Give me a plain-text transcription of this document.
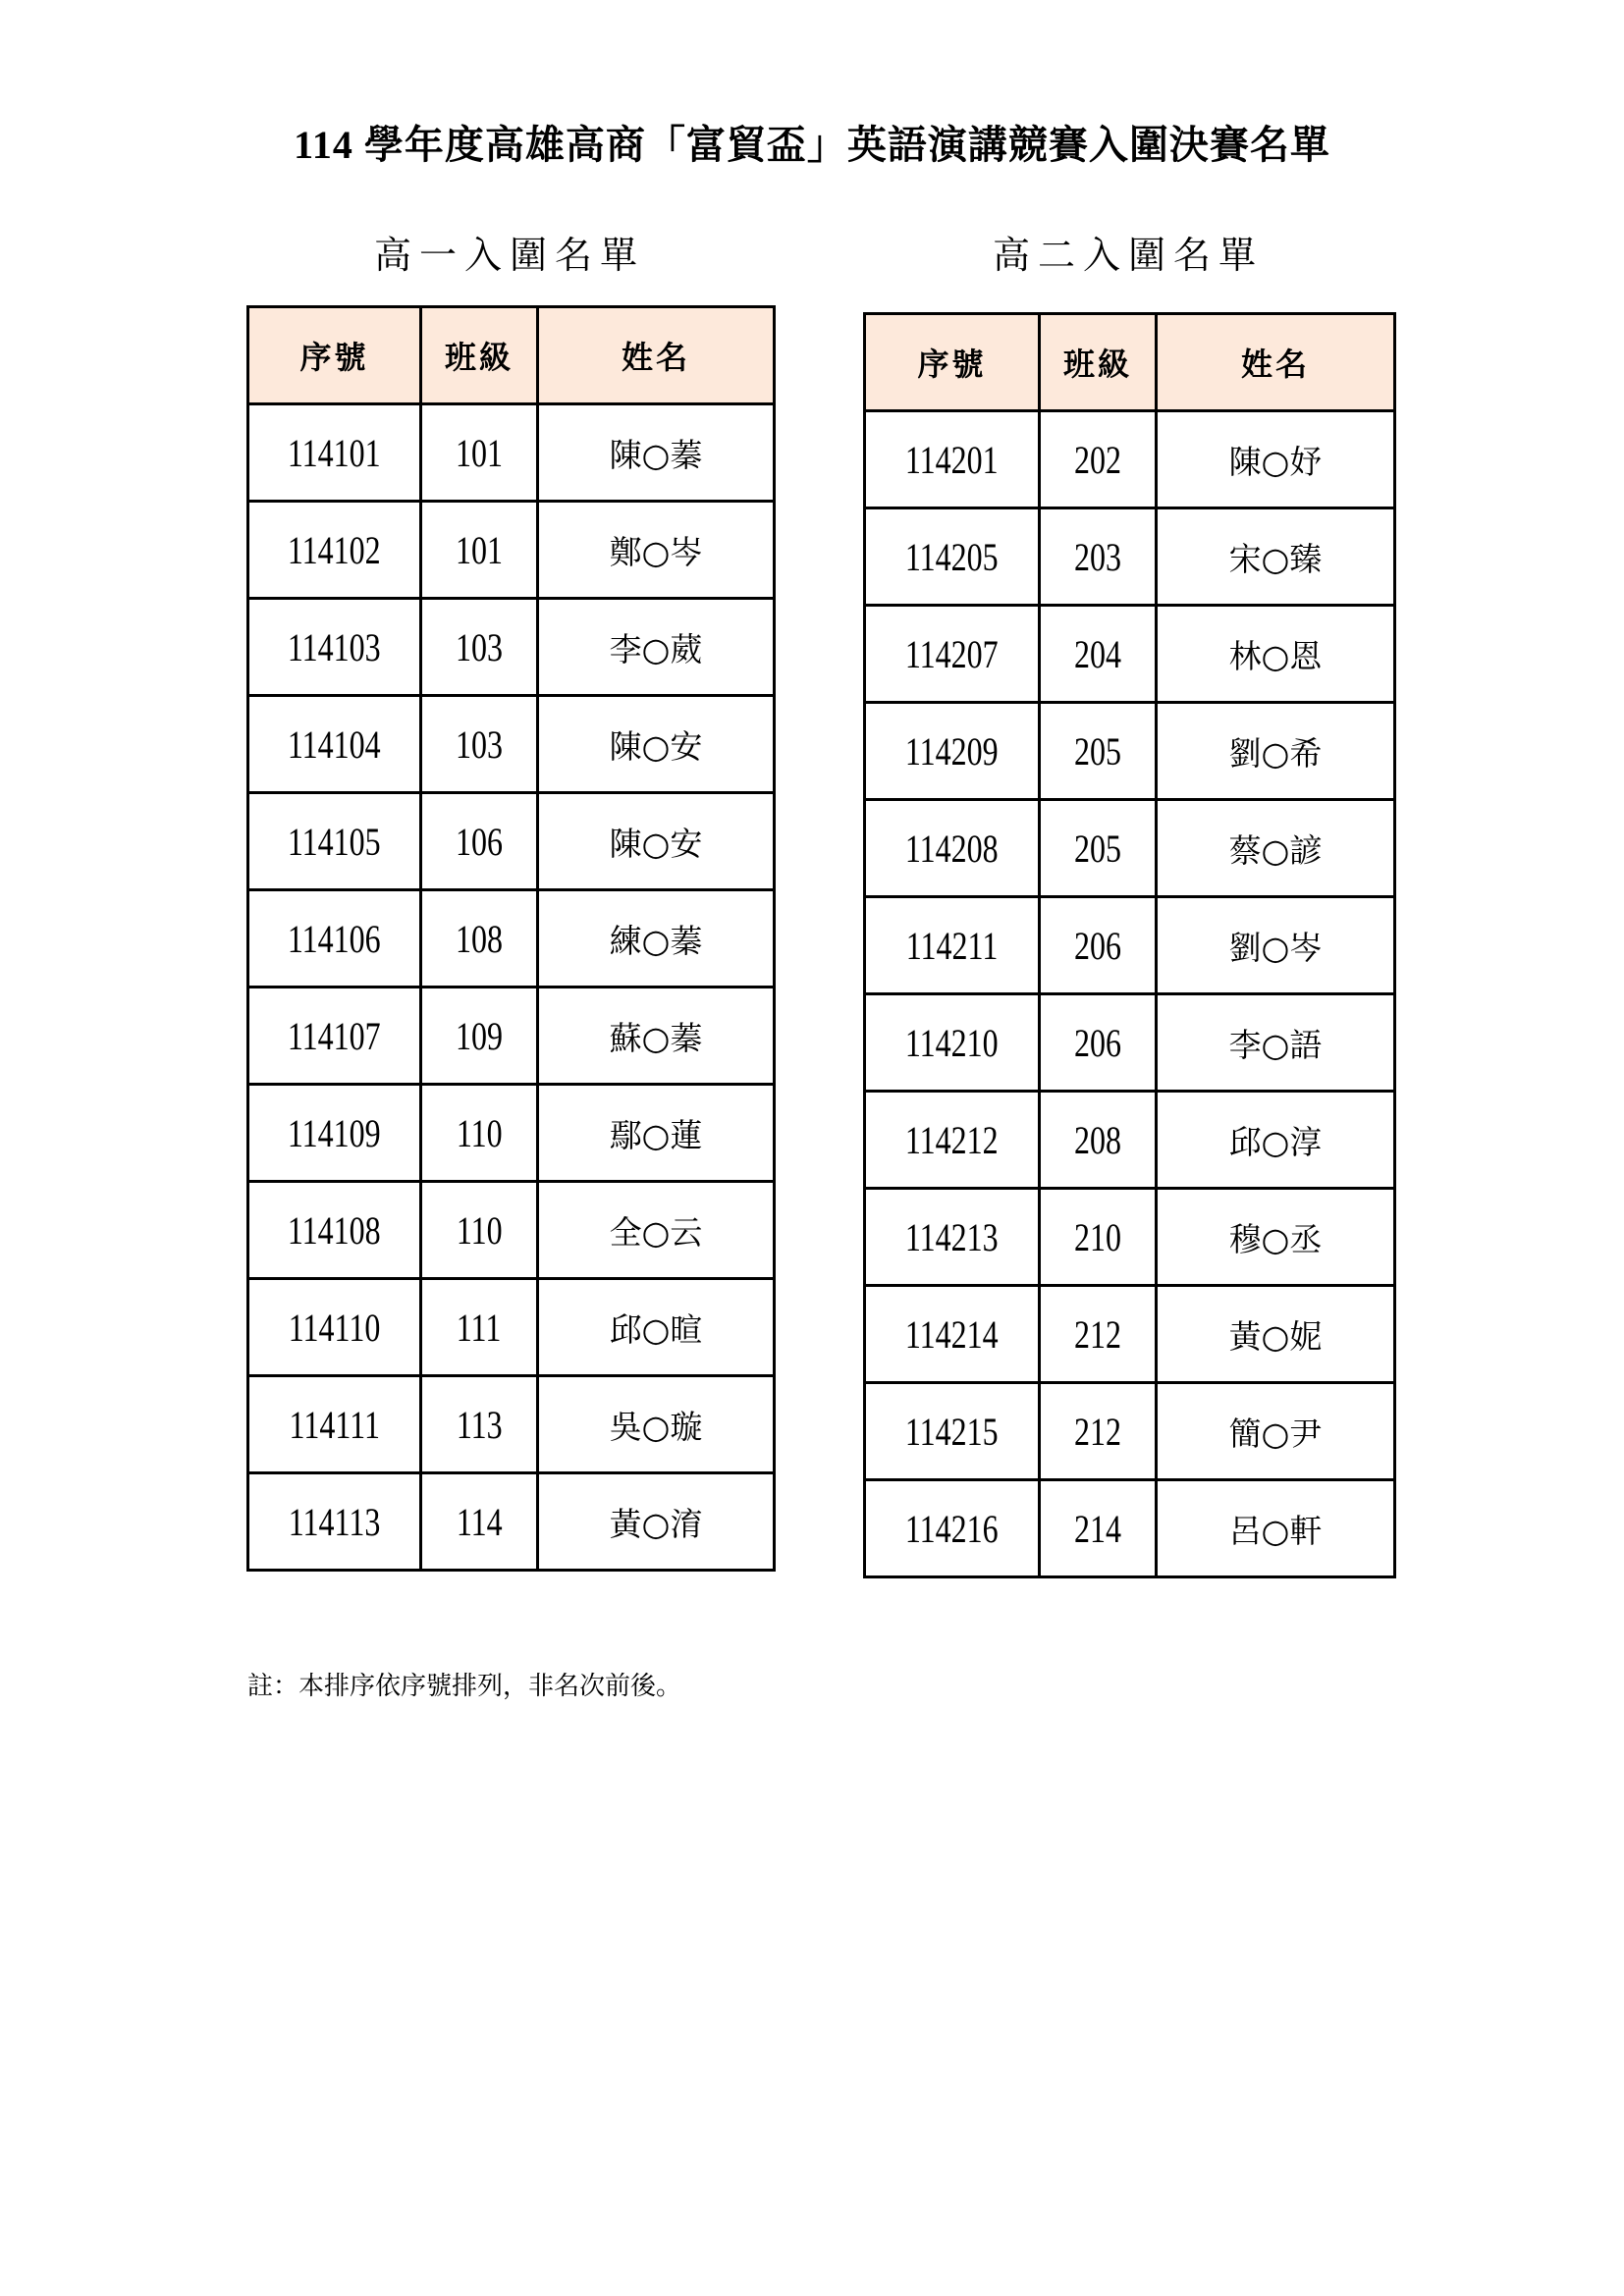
114 學年度高雄高商「富貿盃」英語演講競賽入圍決賽名單
高一入圍名單	高二入圍名單
序號	班級	姓名
114101	101	陳○蓁
114102	101	鄭○岑
114103	103	李○葳
114104	103	陳○安
114105	106	陳○安
114106	108	練○蓁
114107	109	蘇○蓁
114109	110	鄢○蓮
114108	110	全○云
114110	111	邱○暄
114111	113	吳○璇
114113	114	黃○淯
序號	班級	姓名
114201	202	陳○妤
114205	203	宋○臻
114207	204	林○恩
114209	205	劉○希
114208	205	蔡○諺
114211	206	劉○岑
114210	206	李○語
114212	208	邱○淳
114213	210	穆○丞
114214	212	黃○妮
114215	212	簡○尹
114216	214	呂○軒
註：本排序依序號排列，非名次前後。
